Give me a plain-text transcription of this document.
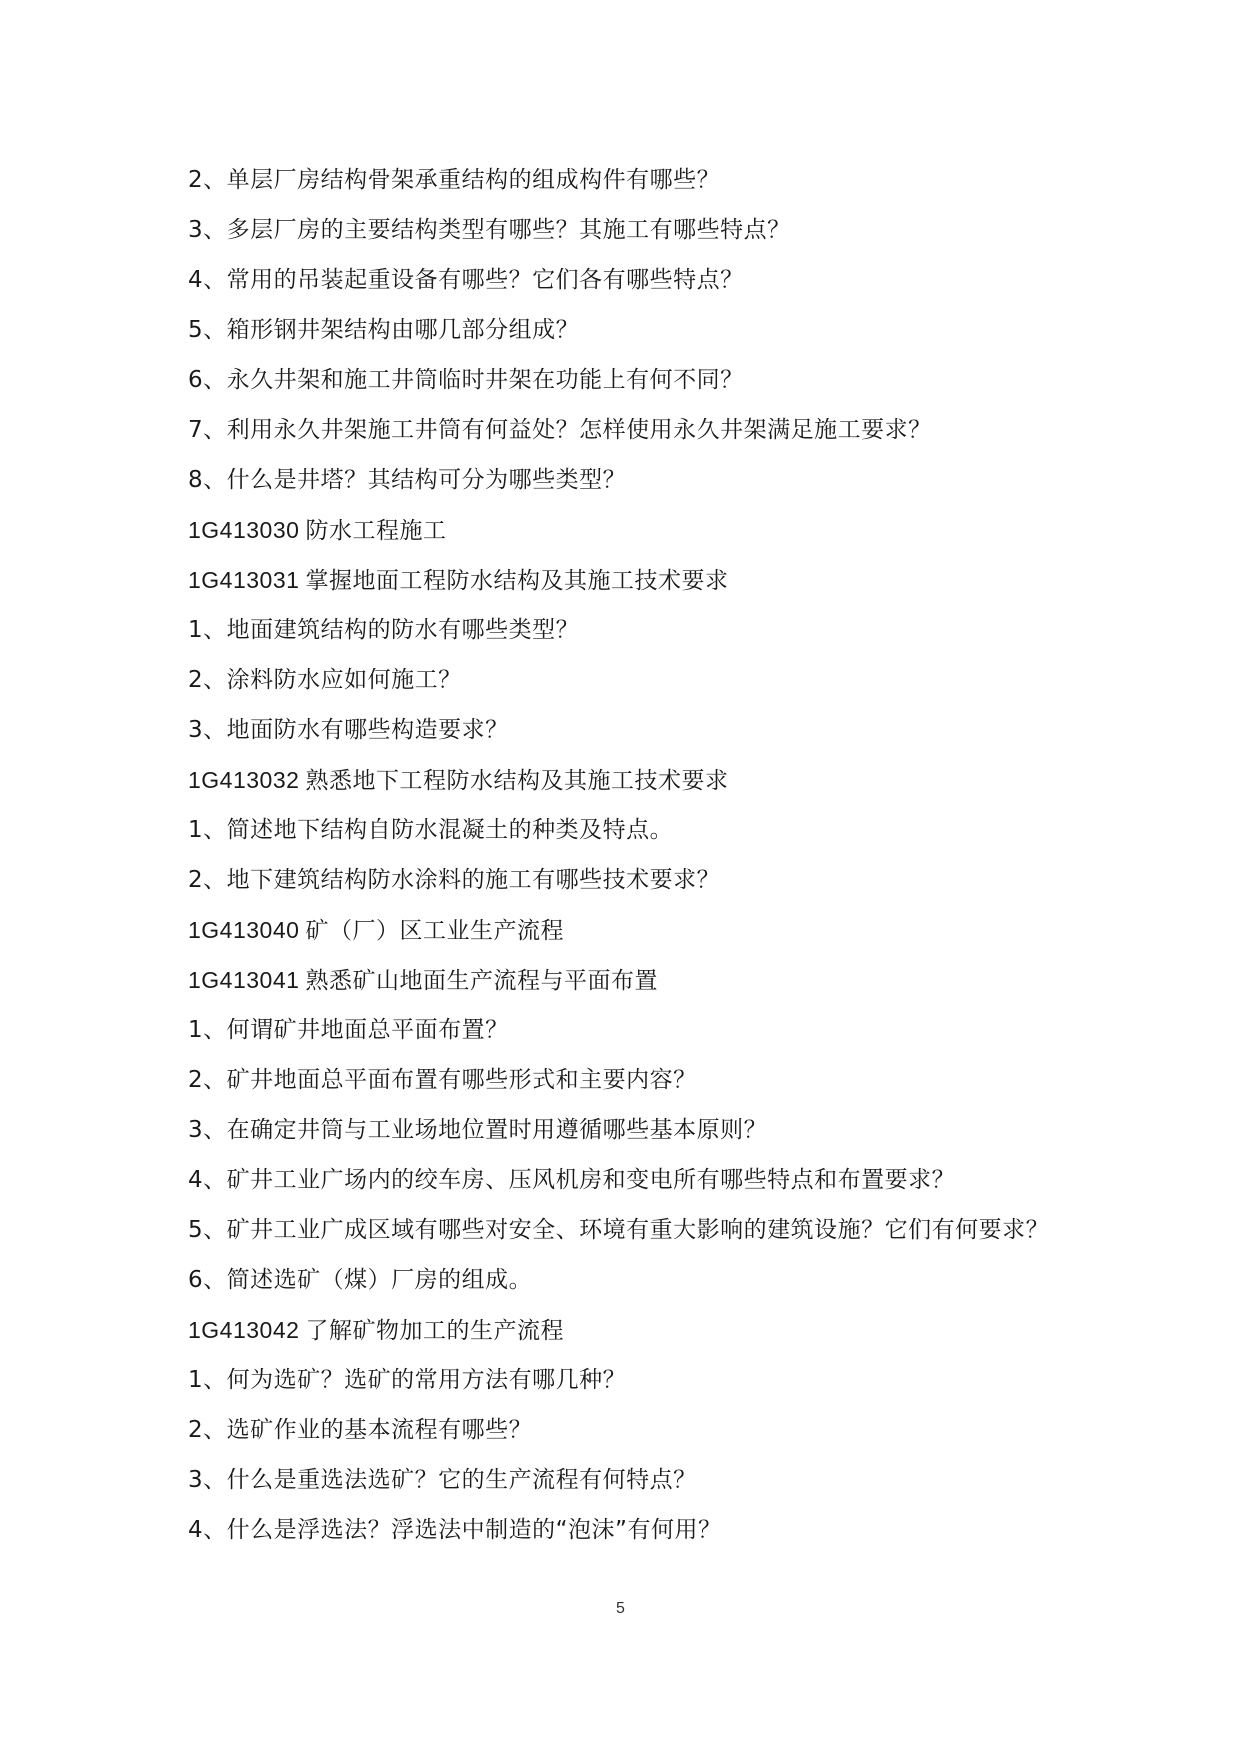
2、单层厂房结构骨架承重结构的组成构件有哪些？
3、多层厂房的主要结构类型有哪些？其施工有哪些特点？
4、常用的吊装起重设备有哪些？它们各有哪些特点？
5、箱形钢井架结构由哪几部分组成？
6、永久井架和施工井筒临时井架在功能上有何不同？
7、利用永久井架施工井筒有何益处？怎样使用永久井架满足施工要求？
8、什么是井塔？其结构可分为哪些类型？
1G413030 防水工程施工
1G413031 掌握地面工程防水结构及其施工技术要求
1、地面建筑结构的防水有哪些类型？
2、涂料防水应如何施工？
3、地面防水有哪些构造要求？
1G413032 熟悉地下工程防水结构及其施工技术要求
1、简述地下结构自防水混凝土的种类及特点。
2、地下建筑结构防水涂料的施工有哪些技术要求？
1G413040 矿（厂）区工业生产流程
1G413041 熟悉矿山地面生产流程与平面布置
1、何谓矿井地面总平面布置？
2、矿井地面总平面布置有哪些形式和主要内容？
3、在确定井筒与工业场地位置时用遵循哪些基本原则？
4、矿井工业广场内的绞车房、压风机房和变电所有哪些特点和布置要求？
5、矿井工业广成区域有哪些对安全、环境有重大影响的建筑设施？它们有何要求？
6、简述选矿（煤）厂房的组成。
1G413042 了解矿物加工的生产流程
1、何为选矿？选矿的常用方法有哪几种？
2、选矿作业的基本流程有哪些？
3、什么是重选法选矿？它的生产流程有何特点？
4、什么是浮选法？浮选法中制造的“泡沫”有何用？
5
